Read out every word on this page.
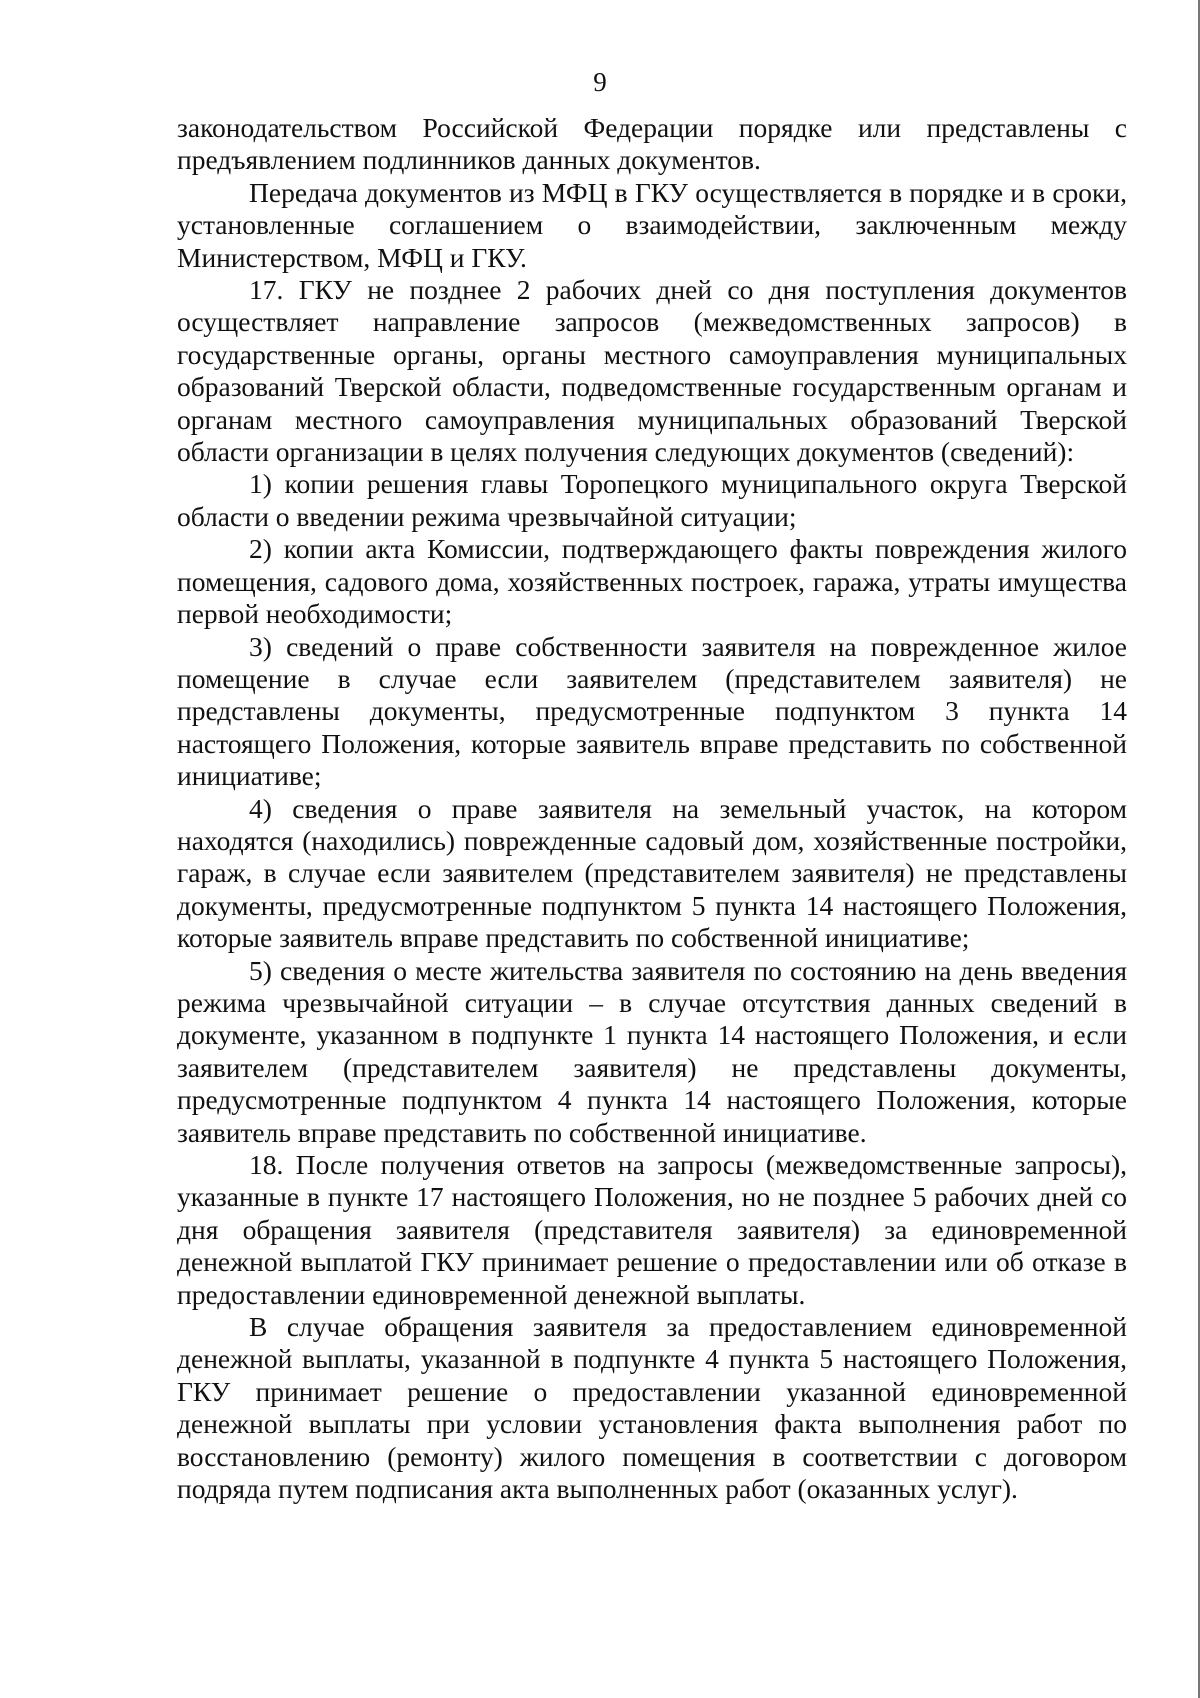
9

законодательством Российской Федерации порядке или представлены с предъявлением подлинников данных документов.

Передача документов из МФЦ в ГКУ осуществляется в порядке и в сроки, установленные соглашением о взаимодействии, заключенным между Министерством, МФЦ и ГКУ.

17. ГКУ не позднее 2 рабочих дней со дня поступления документов осуществляет направление запросов (межведомственных запросов) в государственные органы, органы местного самоуправления муниципальных образований Тверской области, подведомственные государственным органам и органам местного самоуправления муниципальных образований Тверской области организации в целях получения следующих документов (сведений):

1) копии решения главы Торопецкого муниципального округа Тверской области о введении режима чрезвычайной ситуации;

2) копии акта Комиссии, подтверждающего факты повреждения жилого помещения, садового дома, хозяйственных построек, гаража, утраты имущества первой необходимости;

3) сведений о праве собственности заявителя на поврежденное жилое помещение в случае если заявителем (представителем заявителя) не представлены документы, предусмотренные подпунктом 3 пункта 14 настоящего Положения, которые заявитель вправе представить по собственной инициативе;

4) сведения о праве заявителя на земельный участок, на котором находятся (находились) поврежденные садовый дом, хозяйственные постройки, гараж, в случае если заявителем (представителем заявителя) не представлены документы, предусмотренные подпунктом 5 пункта 14 настоящего Положения, которые заявитель вправе представить по собственной инициативе;

5) сведения о месте жительства заявителя по состоянию на день введения режима чрезвычайной ситуации – в случае отсутствия данных сведений в документе, указанном в подпункте 1 пункта 14 настоящего Положения, и если заявителем (представителем заявителя) не представлены документы, предусмотренные подпунктом 4 пункта 14 настоящего Положения, которые заявитель вправе представить по собственной инициативе.

18. После получения ответов на запросы (межведомственные запросы), указанные в пункте 17 настоящего Положения, но не позднее 5 рабочих дней со дня обращения заявителя (представителя заявителя) за единовременной денежной выплатой ГКУ принимает решение о предоставлении или об отказе в предоставлении единовременной денежной выплаты.

В случае обращения заявителя за предоставлением единовременной денежной выплаты, указанной в подпункте 4 пункта 5 настоящего Положения, ГКУ принимает решение о предоставлении указанной единовременной денежной выплаты при условии установления факта выполнения работ по восстановлению (ремонту) жилого помещения в соответствии с договором подряда путем подписания акта выполненных работ (оказанных услуг).
